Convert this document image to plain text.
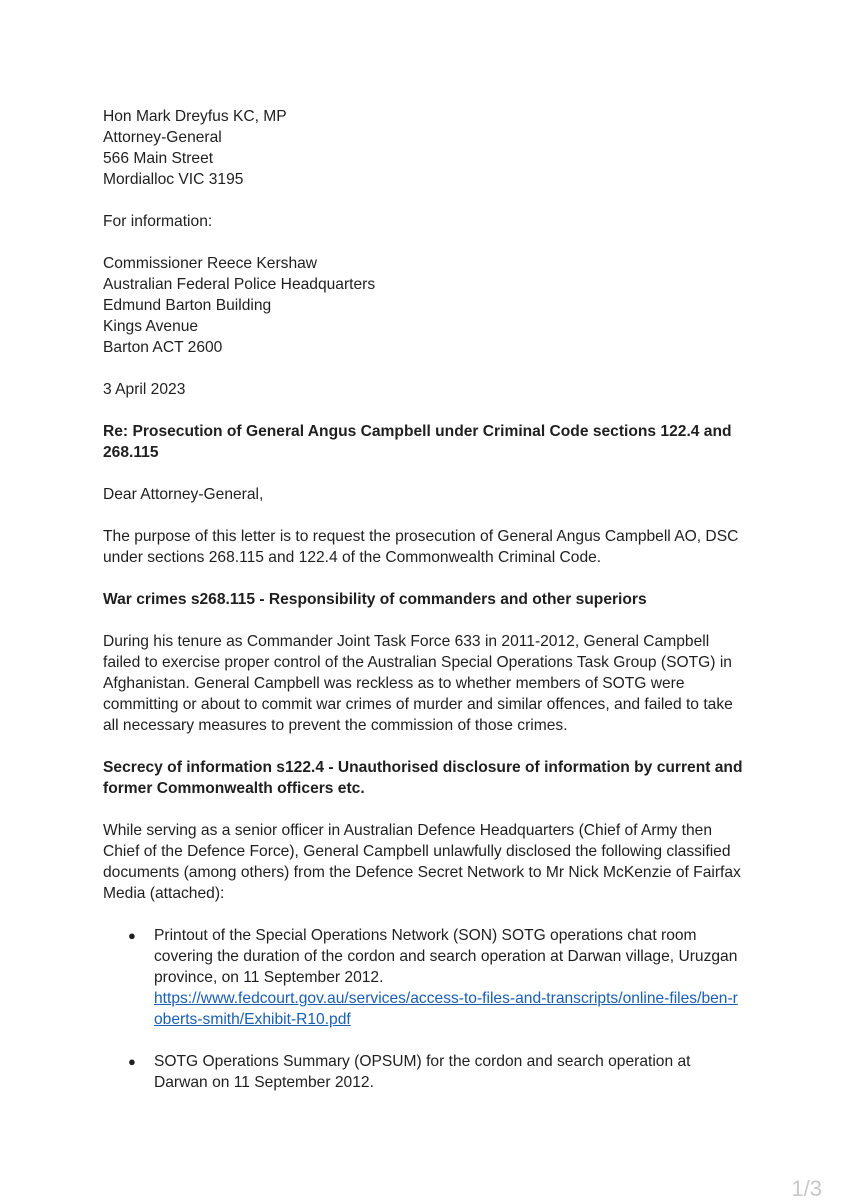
Hon Mark Dreyfus KC, MP
Attorney-General
566 Main Street
Mordialloc VIC 3195
For information:
Commissioner Reece Kershaw
Australian Federal Police Headquarters
Edmund Barton Building
Kings Avenue
Barton ACT 2600
3 April 2023
Re: Prosecution of General Angus Campbell under Criminal Code sections 122.4 and
268.115
Dear Attorney-General,
The purpose of this letter is to request the prosecution of General Angus Campbell AO, DSC
under sections 268.115 and 122.4 of the Commonwealth Criminal Code.
War crimes s268.115 - Responsibility of commanders and other superiors
During his tenure as Commander Joint Task Force 633 in 2011-2012, General Campbell
failed to exercise proper control of the Australian Special Operations Task Group (SOTG) in
Afghanistan. General Campbell was reckless as to whether members of SOTG were
committing or about to commit war crimes of murder and similar offences, and failed to take
all necessary measures to prevent the commission of those crimes.
Secrecy of information s122.4 - Unauthorised disclosure of information by current and
former Commonwealth officers etc.
While serving as a senior officer in Australian Defence Headquarters (Chief of Army then
Chief of the Defence Force), General Campbell unlawfully disclosed the following classified
documents (among others) from the Defence Secret Network to Mr Nick McKenzie of Fairfax
Media (attached):
● Printout of the Special Operations Network (SON) SOTG operations chat room
covering the duration of the cordon and search operation at Darwan village, Uruzgan
province, on 11 September 2012.
https://www.fedcourt.gov.au/services/access-to-files-and-transcripts/online-files/ben-r
oberts-smith/Exhibit-R10.pdf
● SOTG Operations Summary (OPSUM) for the cordon and search operation at
Darwan on 11 September 2012.
1/3
